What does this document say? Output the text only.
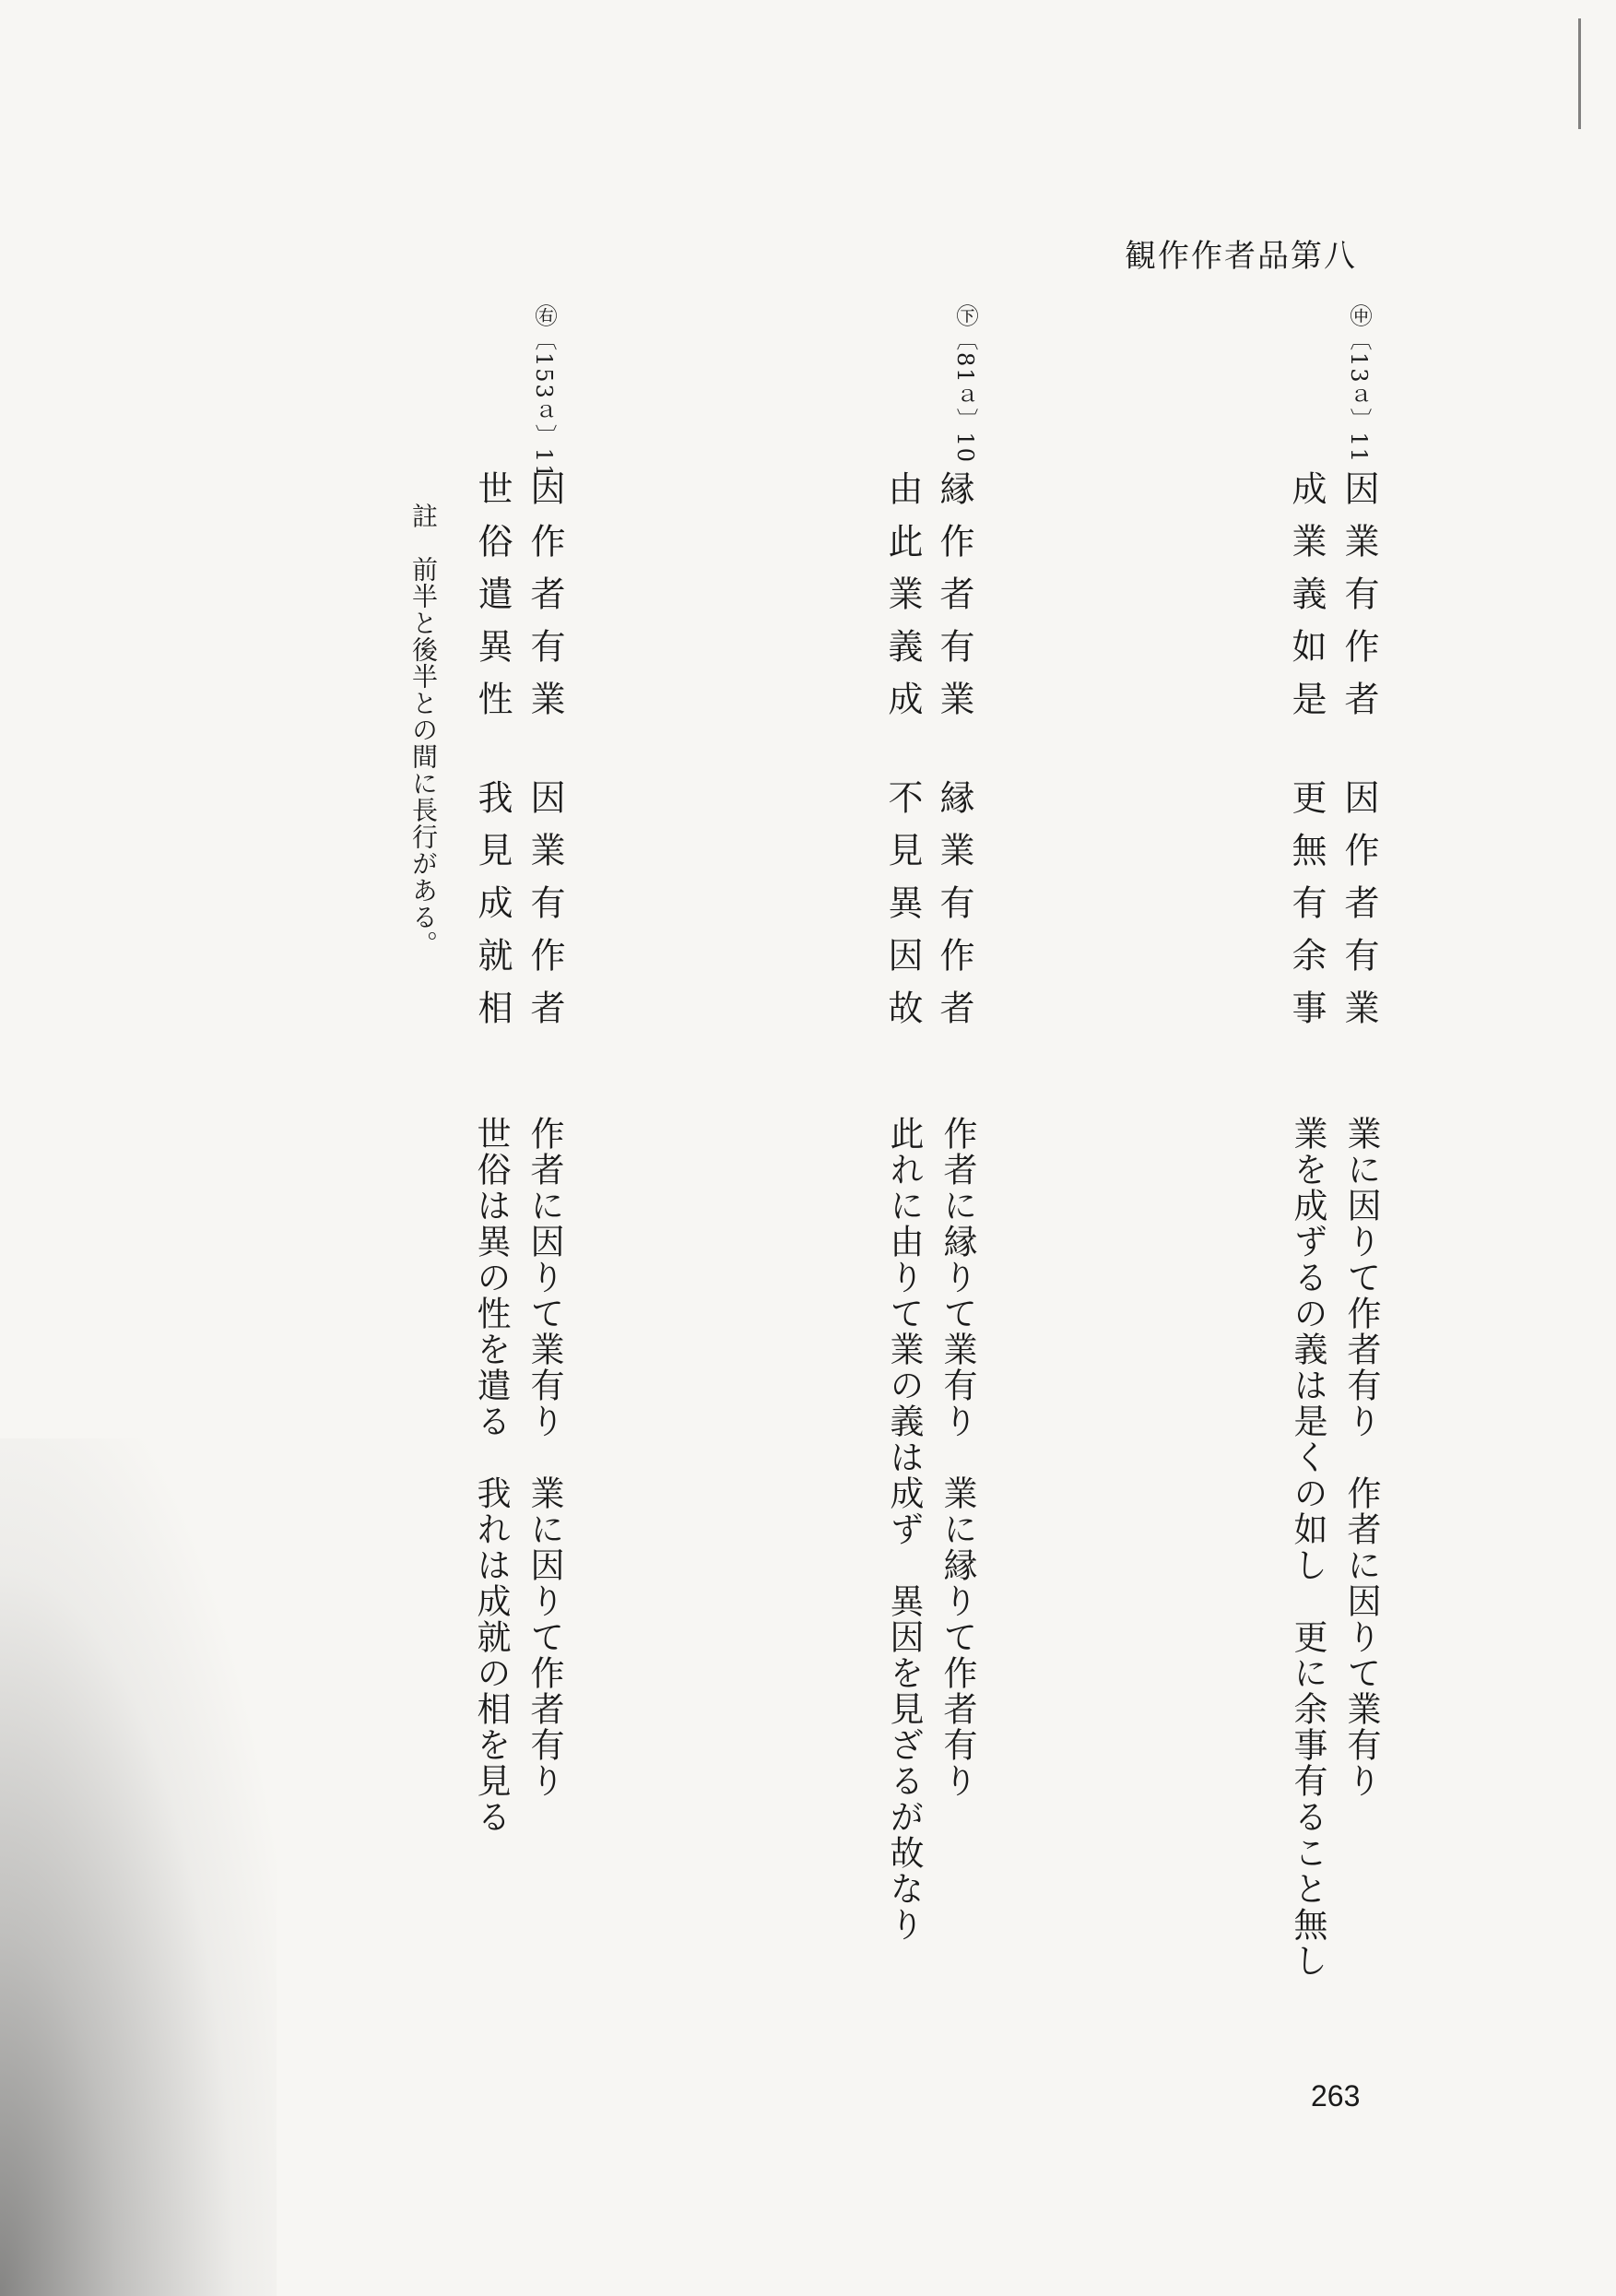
観作作者品第八
㊥〔13ａ〕11
因業有作者
因作者有業
成業義如是
更無有余事
業に因りて作者有り　作者に因りて業有り
業を成ずるの義は是くの如し　更に余事有ること無し
㊦〔81ａ〕10
縁作者有業
縁業有作者
由此業義成
不見異因故
作者に縁りて業有り　業に縁りて作者有り
此れに由りて業の義は成ず　異因を見ざるが故なり
㊨〔153ａ〕11
因作者有業
因業有作者
世俗遣異性
我見成就相
作者に因りて業有り　業に因りて作者有り
世俗は異の性を遣る　我れは成就の相を見る
註　前半と後半との間に長行がある。
263
